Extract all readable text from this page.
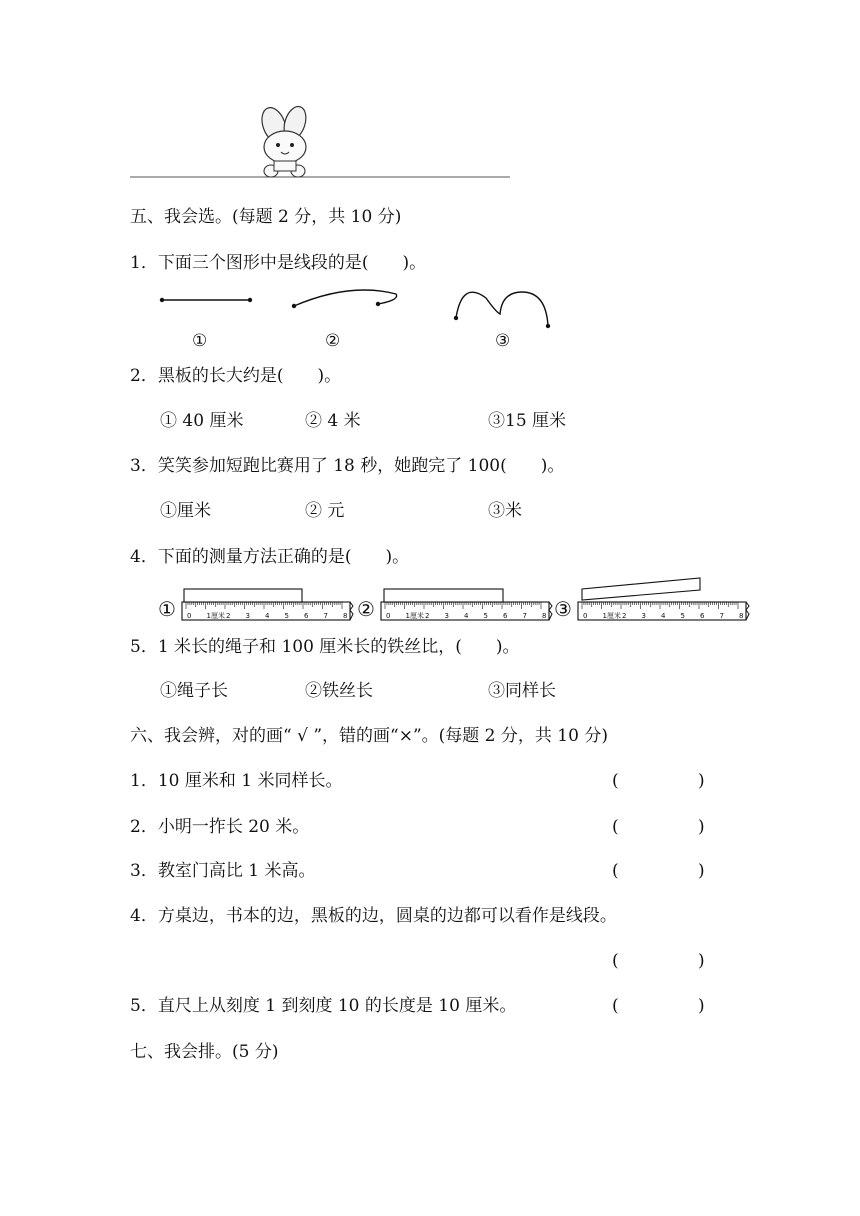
五、我会选。(每题 2 分，共 10 分)
1．下面三个图形中是线段的是(　　)。
①	②	③
2．黑板的长大约是(　　)。
① 40 厘米	② 4 米	③15 厘米
3．笑笑参加短跑比赛用了 18 秒，她跑完了 100(　　)。
①厘米	② 元	③米
4．下面的测量方法正确的是(　　)。
①	②	③
0 1厘米 2 3 4 5 6 7 8	0 1厘米 2 3 4 5 6 7 8	0 1厘米 2 3 4 5 6 7 8
5．1 米长的绳子和 100 厘米长的铁丝比，(　　)。
①绳子长	②铁丝长	③同样长
六、我会辨，对的画“ √ ”，错的画“×”。(每题 2 分，共 10 分)
1．10 厘米和 1 米同样长。	(	)
2．小明一拃长 20 米。	(	)
3．教室门高比 1 米高。	(	)
4．方桌边，书本的边，黑板的边，圆桌的边都可以看作是线段。
(	)
5．直尺上从刻度 1 到刻度 10 的长度是 10 厘米。	(	)
七、我会排。(5 分)
